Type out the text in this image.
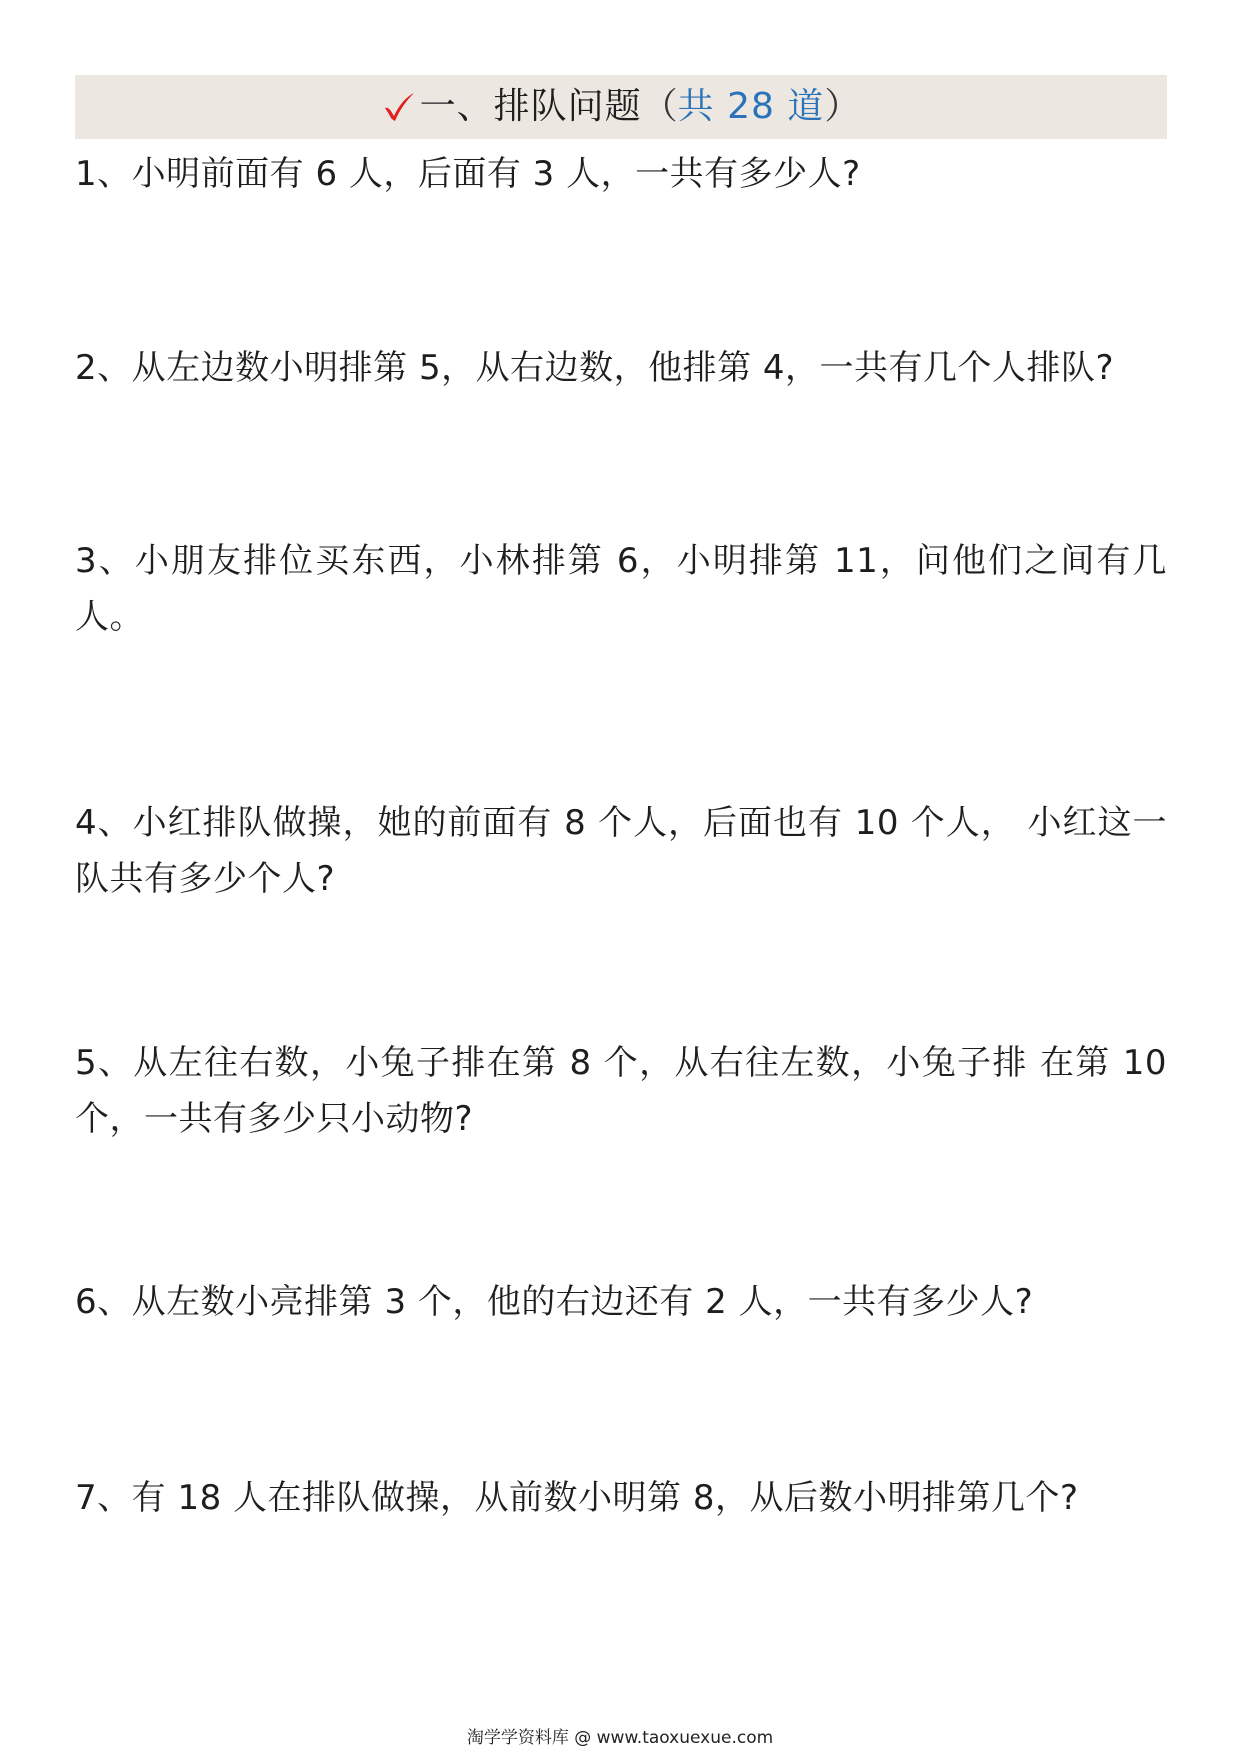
一、排队问题 （ 共 28 道 ）

1、小明前面有 6 人，后面有 3 人，一共有多少人?

2、从左边数小明排第 5，从右边数，他排第 4，一共有几个人排队?

3、小朋友排位买东西，小林排第 6，小明排第 11，问他们之间有几人。

4、小红排队做操，她的前面有 8 个人，后面也有 10 个人， 小红这一队共有多少个人?

5、从左往右数，小兔子排在第 8 个，从右往左数，小兔子排 在第 10 个，一共有多少只小动物?

6、从左数小亮排第 3 个，他的右边还有 2 人，一共有多少人?

7、有 18 人在排队做操，从前数小明第 8，从后数小明排第几个?

淘学学资料库 @ www.taoxuexue.com
